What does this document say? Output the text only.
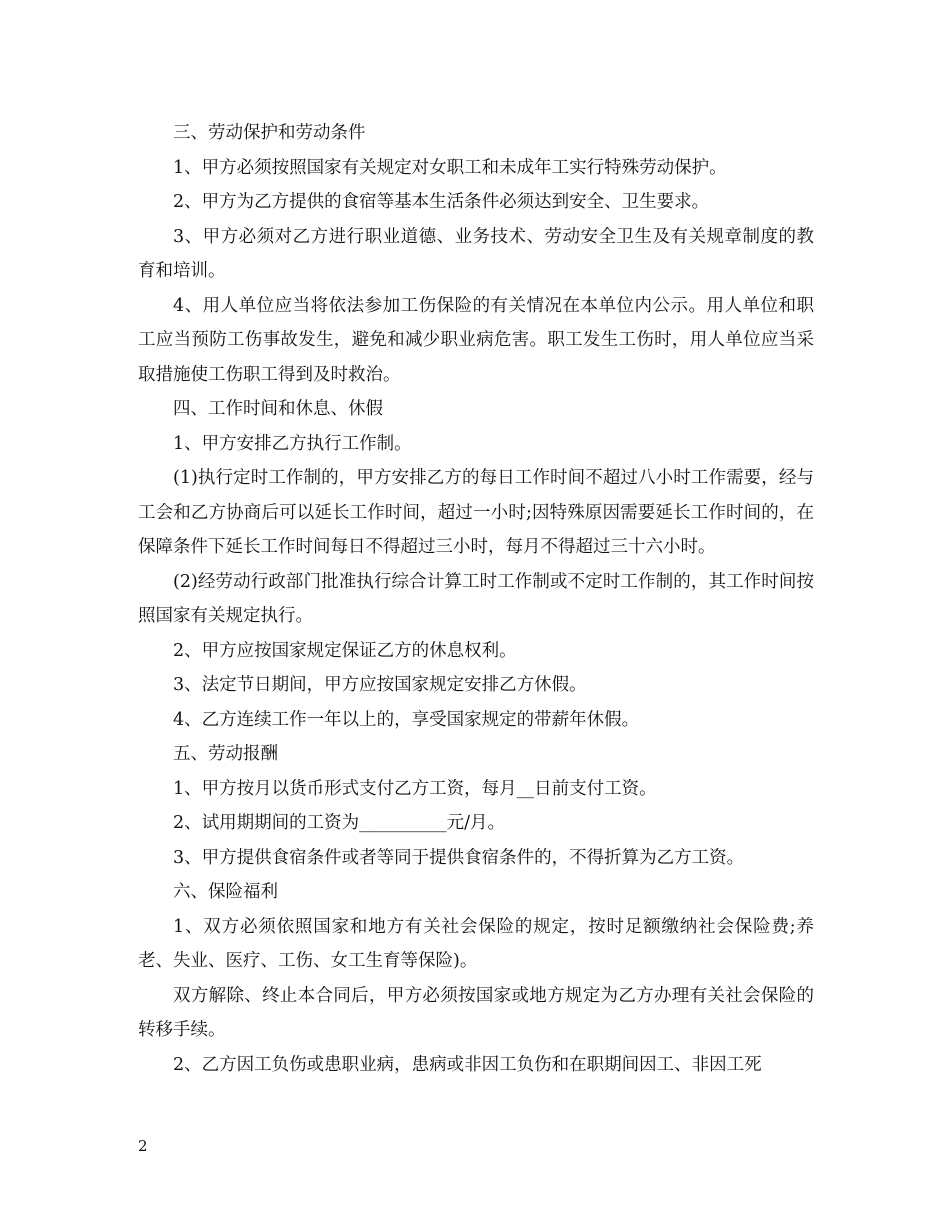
三、劳动保护和劳动条件

1、甲方必须按照国家有关规定对女职工和未成年工实行特殊劳动保护。

2、甲方为乙方提供的食宿等基本生活条件必须达到安全、卫生要求。

3、甲方必须对乙方进行职业道德、业务技术、劳动安全卫生及有关规章制度的教育和培训。

4、用人单位应当将依法参加工伤保险的有关情况在本单位内公示。用人单位和职工应当预防工伤事故发生，避免和减少职业病危害。职工发生工伤时，用人单位应当采取措施使工伤职工得到及时救治。

四、工作时间和休息、休假

1、甲方安排乙方执行工作制。

(1)执行定时工作制的，甲方安排乙方的每日工作时间不超过八小时工作需要，经与工会和乙方协商后可以延长工作时间，超过一小时;因特殊原因需要延长工作时间的，在保障条件下延长工作时间每日不得超过三小时，每月不得超过三十六小时。

(2)经劳动行政部门批准执行综合计算工时工作制或不定时工作制的，其工作时间按照国家有关规定执行。

2、甲方应按国家规定保证乙方的休息权利。

3、法定节日期间，甲方应按国家规定安排乙方休假。

4、乙方连续工作一年以上的，享受国家规定的带薪年休假。

五、劳动报酬

1、甲方按月以货币形式支付乙方工资，每月__日前支付工资。

2、试用期期间的工资为__________元/月。

3、甲方提供食宿条件或者等同于提供食宿条件的，不得折算为乙方工资。

六、保险福利

1、双方必须依照国家和地方有关社会保险的规定，按时足额缴纳社会保险费;养老、失业、医疗、工伤、女工生育等保险)。

双方解除、终止本合同后，甲方必须按国家或地方规定为乙方办理有关社会保险的转移手续。

2、乙方因工负伤或患职业病，患病或非因工负伤和在职期间因工、非因工死

2
